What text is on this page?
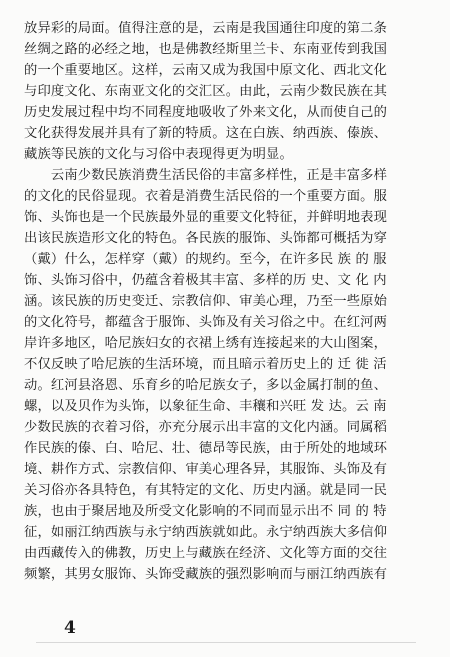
放异彩的局面。值得注意的是，云南是我国通往印度的第二条
丝绸之路的必经之地，也是佛教经斯里兰卡、东南亚传到我国
的一个重要地区。这样，云南又成为我国中原文化、西北文化
与印度文化、东南亚文化的交汇区。由此，云南少数民族在其
历史发展过程中均不同程度地吸收了外来文化，从而使自己的
文化获得发展并具有了新的特质。这在白族、纳西族、傣族、
藏族等民族的文化与习俗中表现得更为明显。
　　云南少数民族消费生活民俗的丰富多样性，正是丰富多样
的文化的民俗显现。衣着是消费生活民俗的一个重要方面。服
饰、头饰也是一个民族最外显的重要文化特征，并鲜明地表现
出该民族造形文化的特色。各民族的服饰、头饰都可概括为穿
（戴）什么，怎样穿（戴）的规约。至今，在许多民 族 的 服
饰、头饰习俗中，仍蕴含着极其丰富、多样的历 史、文 化 内
涵。该民族的历史变迁、宗教信仰、审美心理，乃至一些原始
的文化符号，都蕴含于服饰、头饰及有关习俗之中。在红河两
岸许多地区，哈尼族妇女的衣裙上绣有连接起来的大山图案，
不仅反映了哈尼族的生活环境，而且暗示着历史上的 迁 徙 活
动。红河县洛恩、乐育乡的哈尼族女子，多以金属打制的鱼、
螺，以及贝作为头饰，以象征生命、丰穰和兴旺 发 达。云 南
少数民族的衣着习俗，亦充分展示出丰富的文化内涵。同属稻
作民族的傣、白、哈尼、壮、德昂等民族，由于所处的地域环
境、耕作方式、宗教信仰、审美心理各异，其服饰、头饰及有
关习俗亦各具特色，有其特定的文化、历史内涵。就是同一民
族，也由于聚居地及所受文化影响的不同而显示出不 同 的 特
征，如丽江纳西族与永宁纳西族就如此。永宁纳西族大多信仰
由西藏传入的佛教，历史上与藏族在经济、文化等方面的交往
频繁，其男女服饰、头饰受藏族的强烈影响而与丽江纳西族有
4
